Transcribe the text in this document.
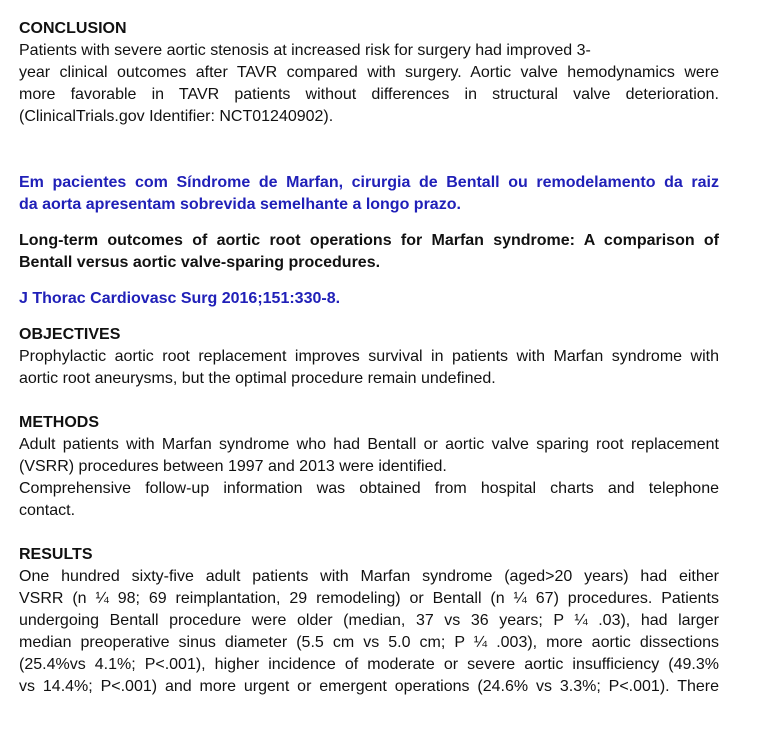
CONCLUSION

Patients with severe aortic stenosis at increased risk for surgery had improved 3-
year clinical outcomes after TAVR compared with surgery. Aortic valve hemodynamics were
more favorable in TAVR patients without differences in structural valve deterioration.
(ClinicalTrials.gov Identifier: NCT01240902).

Em pacientes com Síndrome de Marfan, cirurgia de Bentall ou remodelamento da raiz
da aorta apresentam sobrevida semelhante a longo prazo.

Long-term outcomes of aortic root operations for Marfan syndrome: A comparison of
Bentall versus aortic valve-sparing procedures.

J Thorac Cardiovasc Surg 2016;151:330-8.

OBJECTIVES

Prophylactic aortic root replacement improves survival in patients with Marfan syndrome with
aortic root aneurysms, but the optimal procedure remain undefined.

METHODS

Adult patients with Marfan syndrome who had Bentall or aortic valve sparing root replacement
(VSRR) procedures between 1997 and 2013 were identified.
Comprehensive follow-up information was obtained from hospital charts and telephone
contact.

RESULTS

One hundred sixty-five adult patients with Marfan syndrome (aged>20 years) had either
VSRR (n ¼ 98; 69 reimplantation, 29 remodeling) or Bentall (n ¼ 67) procedures. Patients
undergoing Bentall procedure were older (median, 37 vs 36 years; P ¼ .03), had larger
median preoperative sinus diameter (5.5 cm vs 5.0 cm; P ¼ .003), more aortic dissections
(25.4%vs 4.1%; P<.001), higher incidence of moderate or severe aortic insufficiency (49.3%
vs 14.4%; P<.001) and more urgent or emergent operations (24.6% vs 3.3%; P<.001). There
